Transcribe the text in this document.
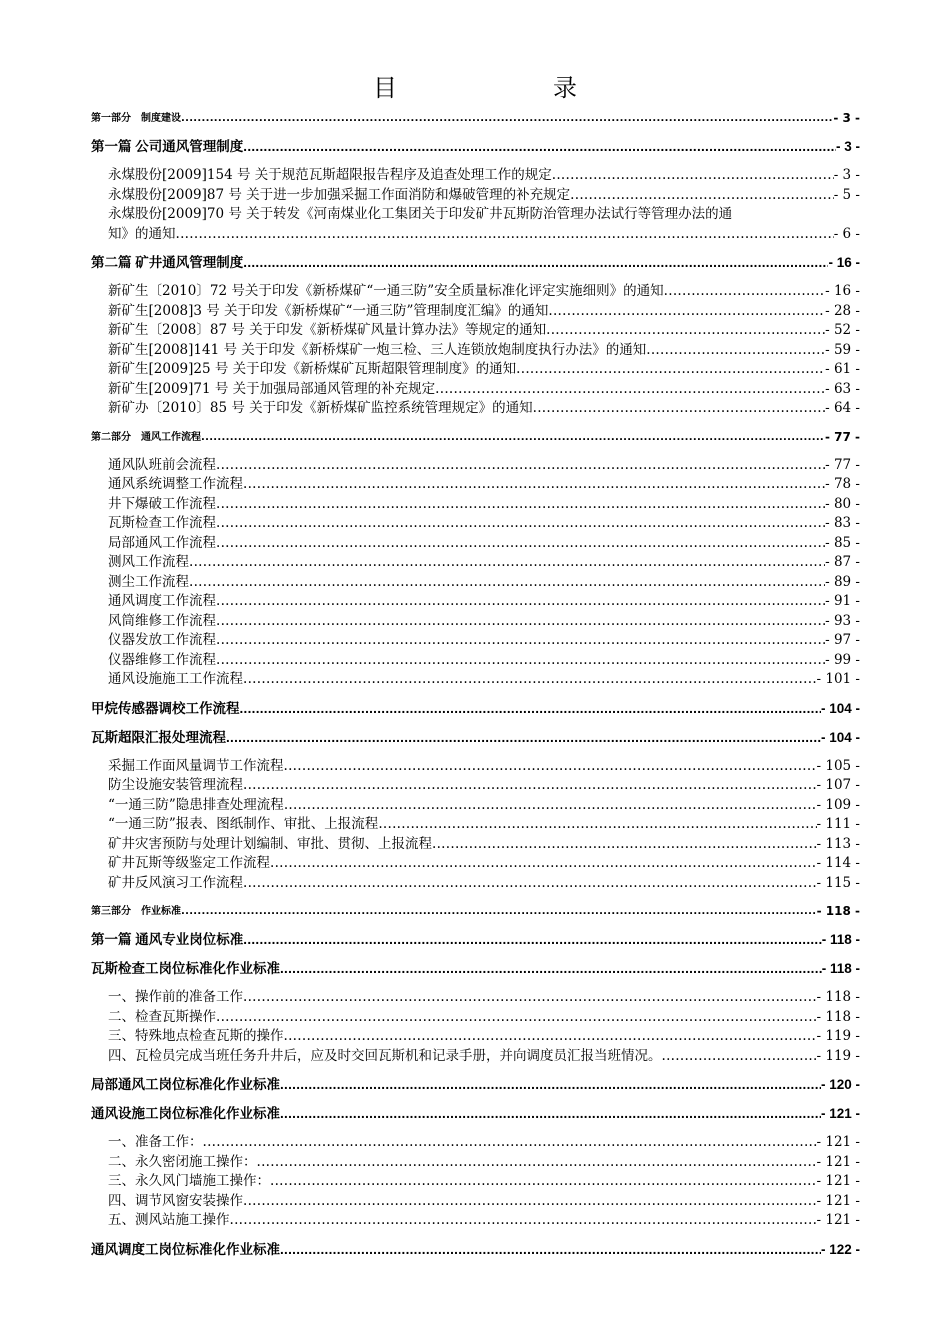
目　　录
第一部分　制度建设 .....	- 3 -
第一篇 公司通风管理制度 .....	- 3 -
永煤股份[2009]154 号 关于规范瓦斯超限报告程序及追查处理工作的规定 .....	- 3 -
永煤股份[2009]87 号 关于进一步加强采掘工作面消防和爆破管理的补充规定 .....	- 5 -
永煤股份[2009]70 号 关于转发《河南煤业化工集团关于印发矿井瓦斯防治管理办法试行等管理办法的通
知》的通知 .....	- 6 -
第二篇 矿井通风管理制度 .....	- 16 -
新矿生〔2010〕72 号关于印发《新桥煤矿“一通三防”安全质量标准化评定实施细则》的通知 .....	- 16 -
新矿生[2008]3 号 关于印发《新桥煤矿“一通三防”管理制度汇编》的通知 .....	- 28 -
新矿生〔2008〕87 号 关于印发《新桥煤矿风量计算办法》等规定的通知 .....	- 52 -
新矿生[2008]141 号 关于印发《新桥煤矿一炮三检、三人连锁放炮制度执行办法》的通知 .....	- 59 -
新矿生[2009]25 号 关于印发《新桥煤矿瓦斯超限管理制度》的通知 .....	- 61 -
新矿生[2009]71 号 关于加强局部通风管理的补充规定 .....	- 63 -
新矿办〔2010〕85 号 关于印发《新桥煤矿监控系统管理规定》的通知 .....	- 64 -
第二部分　通风工作流程 .....	- 77 -
通风队班前会流程 .....	- 77 -
通风系统调整工作流程 .....	- 78 -
井下爆破工作流程 .....	- 80 -
瓦斯检查工作流程 .....	- 83 -
局部通风工作流程 .....	- 85 -
测风工作流程 .....	- 87 -
测尘工作流程 .....	- 89 -
通风调度工作流程 .....	- 91 -
风筒维修工作流程 .....	- 93 -
仪器发放工作流程 .....	- 97 -
仪器维修工作流程 .....	- 99 -
通风设施施工工作流程 .....	- 101 -
甲烷传感器调校工作流程 .....	- 104 -
瓦斯超限汇报处理流程 .....	- 104 -
采掘工作面风量调节工作流程 .....	- 105 -
防尘设施安装管理流程 .....	- 107 -
“一通三防”隐患排查处理流程 .....	- 109 -
“一通三防”报表、图纸制作、审批、上报流程 .....	- 111 -
矿井灾害预防与处理计划编制、审批、贯彻、上报流程 .....	- 113 -
矿井瓦斯等级鉴定工作流程 .....	- 114 -
矿井反风演习工作流程 .....	- 115 -
第三部分　作业标准 .....	- 118 -
第一篇 通风专业岗位标准 .....	- 118 -
瓦斯检查工岗位标准化作业标准 .....	- 118 -
一、操作前的准备工作 .....	- 118 -
二、检查瓦斯操作 .....	- 118 -
三、特殊地点检查瓦斯的操作 .....	- 119 -
四、瓦检员完成当班任务升井后，应及时交回瓦斯机和记录手册，并向调度员汇报当班情况。 .....	- 119 -
局部通风工岗位标准化作业标准 .....	- 120 -
通风设施工岗位标准化作业标准 .....	- 121 -
一、准备工作： .....	- 121 -
二、永久密闭施工操作： .....	- 121 -
三、永久风门墙施工操作： .....	- 121 -
四、调节风窗安装操作 .....	- 121 -
五、测风站施工操作 .....	- 121 -
通风调度工岗位标准化作业标准 .....	- 122 -
